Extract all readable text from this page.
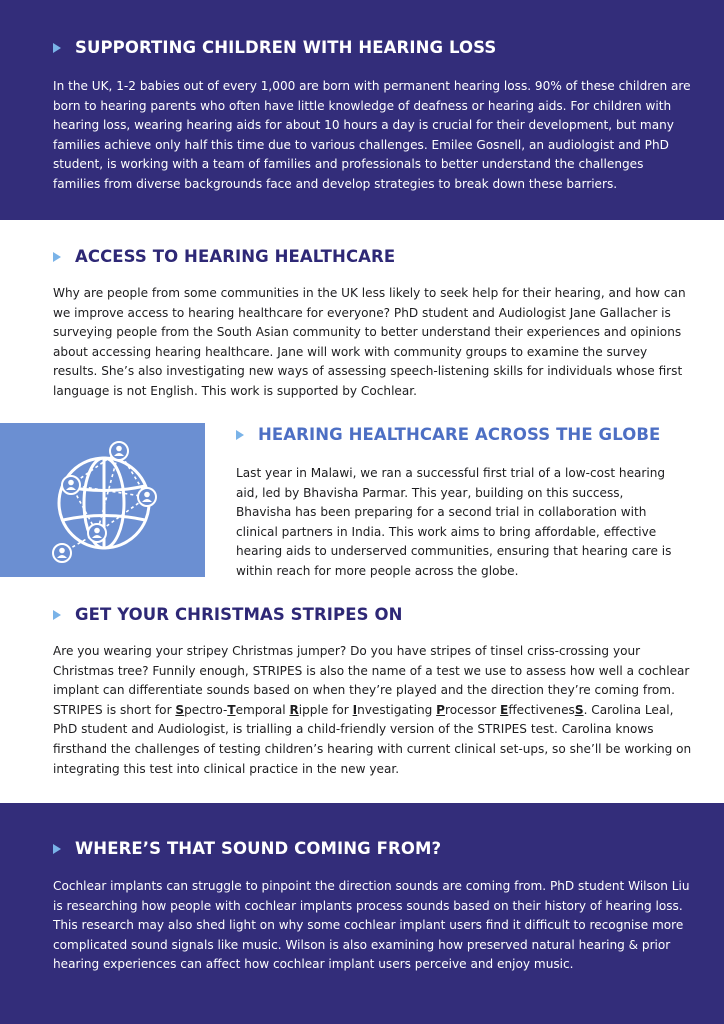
SUPPORTING CHILDREN WITH HEARING LOSS

In the UK, 1-2 babies out of every 1,000 are born with permanent hearing loss. 90% of these children are born to hearing parents who often have little knowledge of deafness or hearing aids. For children with hearing loss, wearing hearing aids for about 10 hours a day is crucial for their development, but many families achieve only half this time due to various challenges. Emilee Gosnell, an audiologist and PhD student, is working with a team of families and professionals to better understand the challenges families from diverse backgrounds face and develop strategies to break down these barriers.

ACCESS TO HEARING HEALTHCARE

Why are people from some communities in the UK less likely to seek help for their hearing, and how can we improve access to hearing healthcare for everyone? PhD student and Audiologist Jane Gallacher is surveying people from the South Asian community to better understand their experiences and opinions about accessing hearing healthcare. Jane will work with community groups to examine the survey results. She’s also investigating new ways of assessing speech-listening skills for individuals whose first language is not English. This work is supported by Cochlear.

HEARING HEALTHCARE ACROSS THE GLOBE

Last year in Malawi, we ran a successful first trial of a low-cost hearing aid, led by Bhavisha Parmar. This year, building on this success, Bhavisha has been preparing for a second trial in collaboration with clinical partners in India. This work aims to bring affordable, effective hearing aids to underserved communities, ensuring that hearing care is within reach for more people across the globe.

GET YOUR CHRISTMAS STRIPES ON

Are you wearing your stripey Christmas jumper? Do you have stripes of tinsel criss-crossing your Christmas tree? Funnily enough, STRIPES is also the name of a test we use to assess how well a cochlear implant can differentiate sounds based on when they’re played and the direction they’re coming from. STRIPES is short for Spectro-Temporal Ripple for Investigating Processor EffectivenesS. Carolina Leal, PhD student and Audiologist, is trialling a child-friendly version of the STRIPES test. Carolina knows firsthand the challenges of testing children’s hearing with current clinical set-ups, so she’ll be working on integrating this test into clinical practice in the new year.

WHERE’S THAT SOUND COMING FROM?

Cochlear implants can struggle to pinpoint the direction sounds are coming from. PhD student Wilson Liu is researching how people with cochlear implants process sounds based on their history of hearing loss. This research may also shed light on why some cochlear implant users find it difficult to recognise more complicated sound signals like music. Wilson is also examining how preserved natural hearing & prior hearing experiences can affect how cochlear implant users perceive and enjoy music.
